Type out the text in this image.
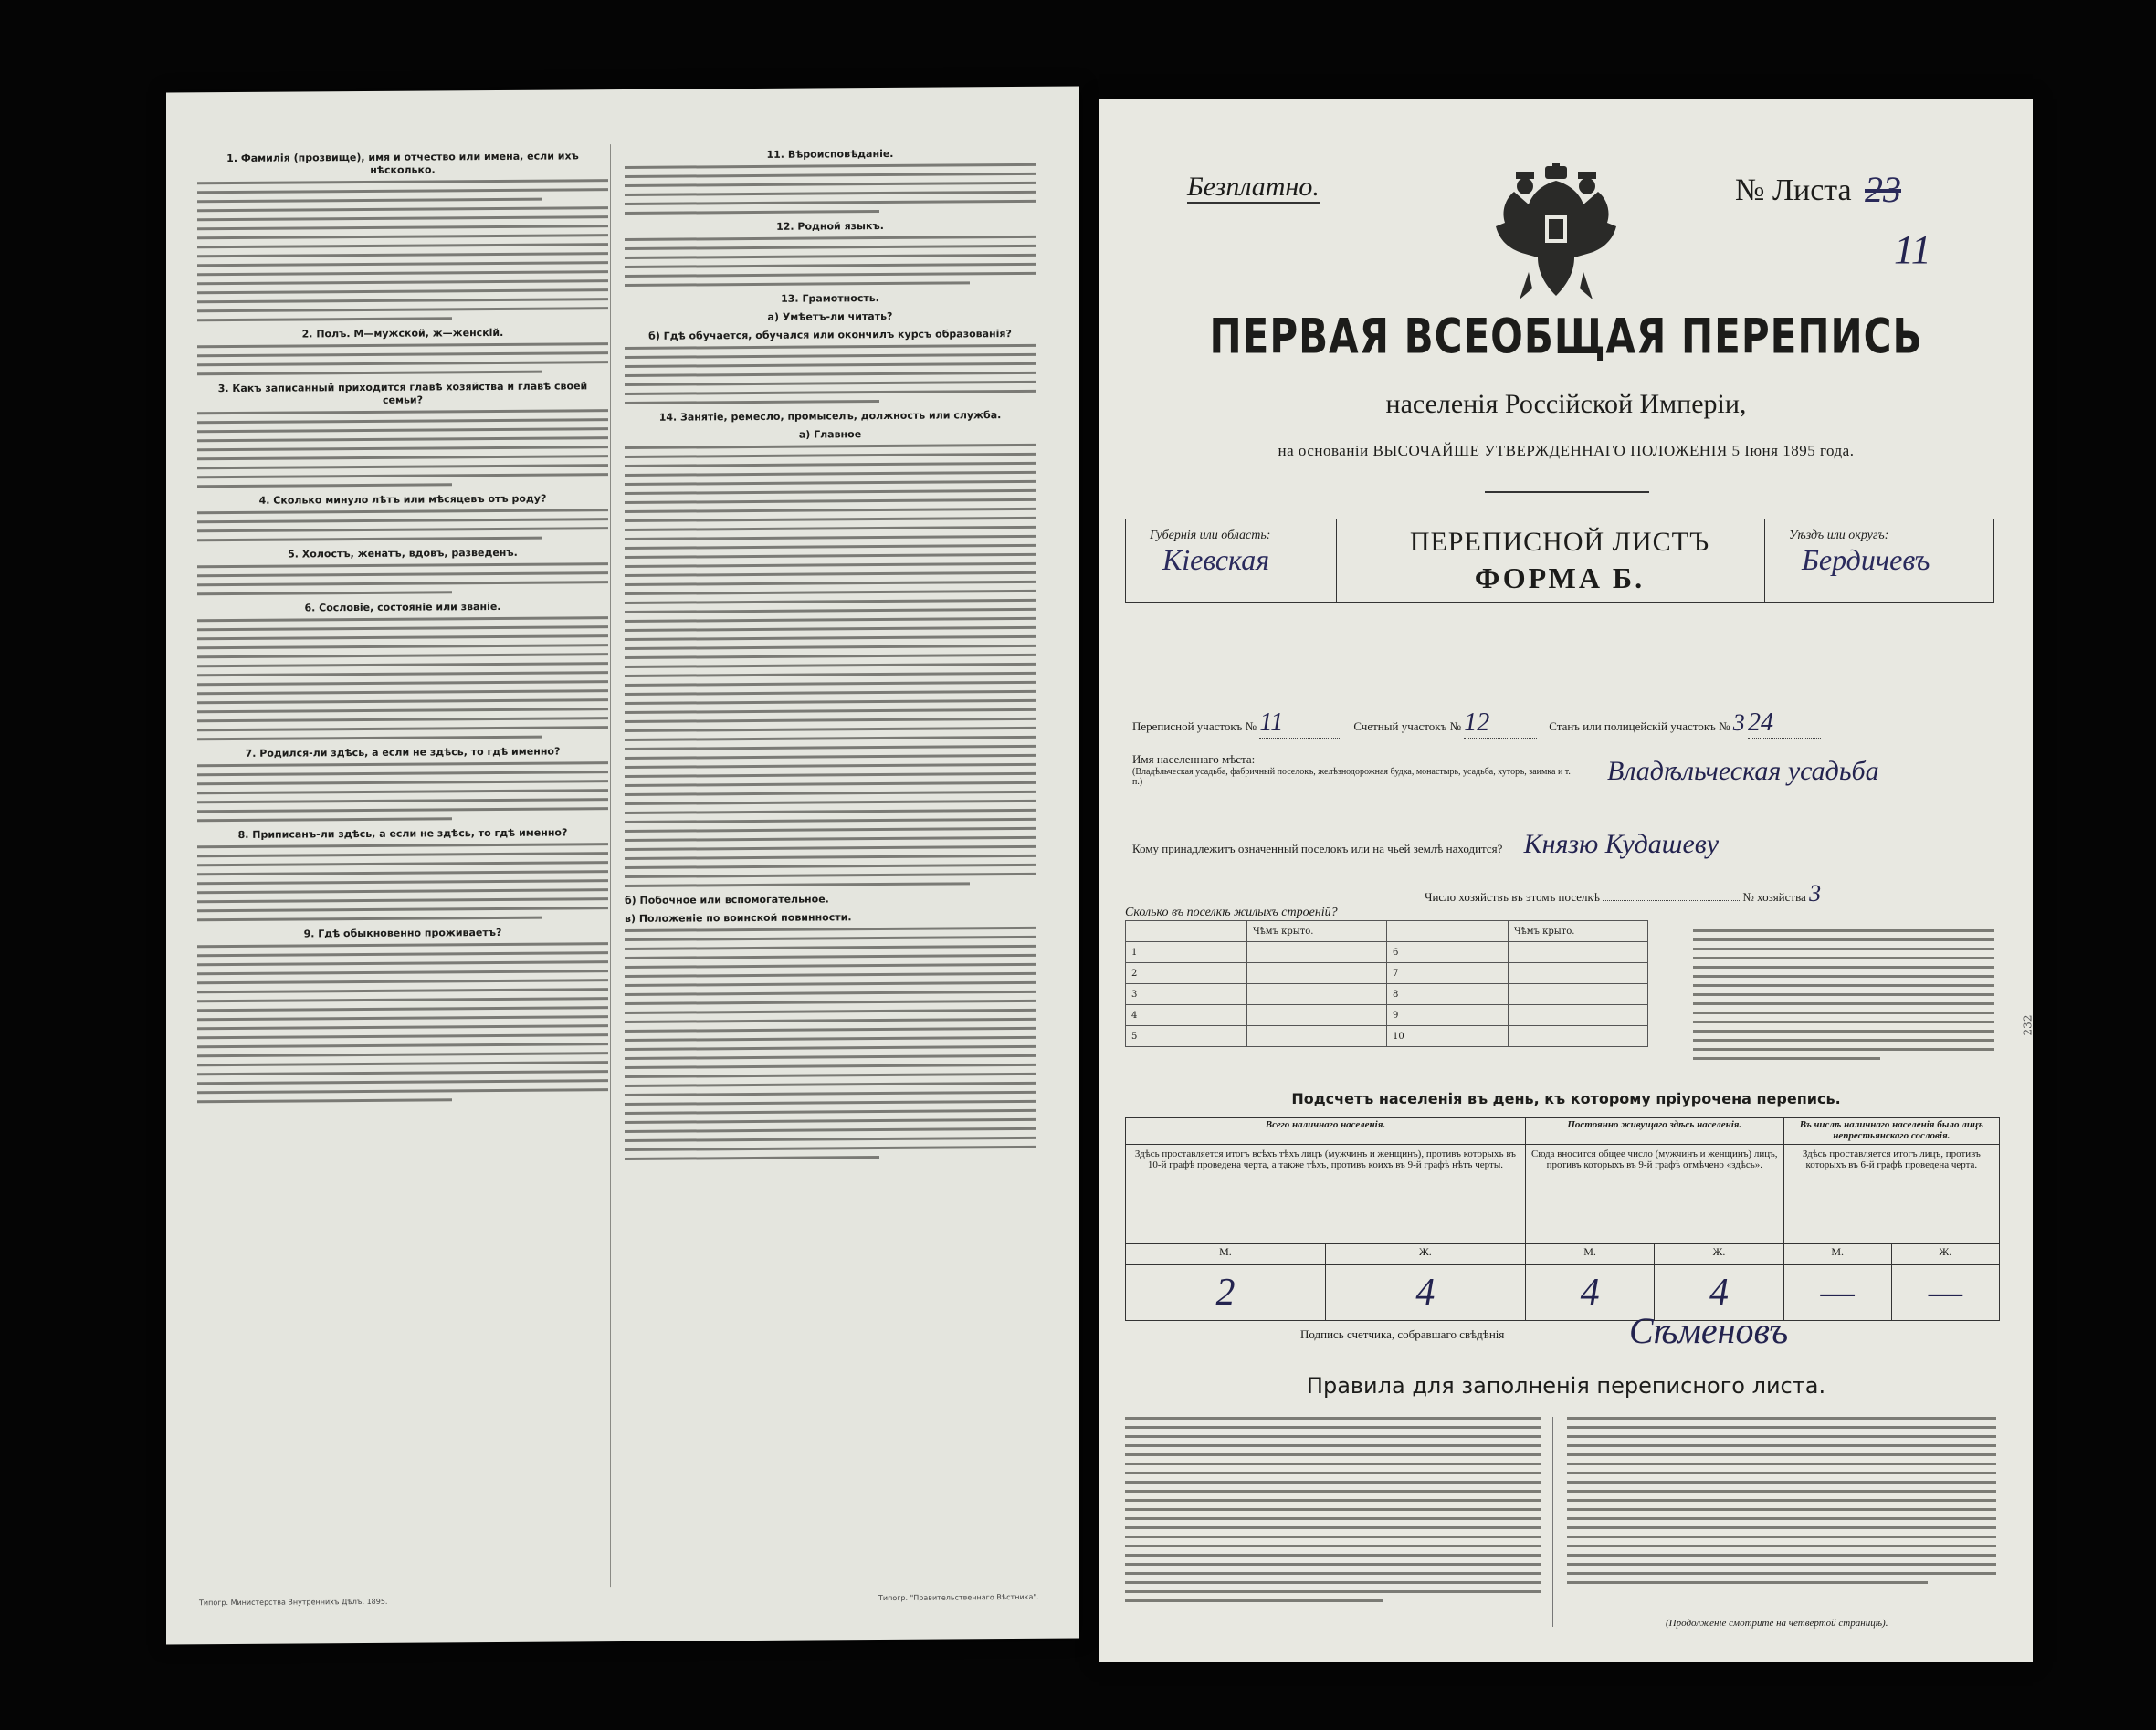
1. Фамилія (прозвище), имя и отчество или имена, если ихъ нѣсколько.
2. Полъ. М—мужской, ж—женскій.
3. Какъ записанный приходится главѣ хозяйства и главѣ своей семьи?
4. Сколько минуло лѣтъ или мѣсяцевъ отъ роду?
5. Холостъ, женатъ, вдовъ, разведенъ.
6. Сословіе, состояніе или званіе.
7. Родился-ли здѣсь, а если не здѣсь, то гдѣ именно?
8. Приписанъ-ли здѣсь, а если не здѣсь, то гдѣ именно?
9. Гдѣ обыкновенно проживаетъ?
11. Вѣроисповѣданіе.
12. Родной языкъ.
13. Грамотность.
а) Умѣетъ-ли читать?
б) Гдѣ обучается, обучался или окончилъ курсъ образованія?
14. Занятіе, ремесло, промыселъ, должность или служба.
а) Главное
б) Побочное или вспомогательное.
в) Положеніе по воинской повинности.
Типогр. Министерства Внутреннихъ Дѣлъ, 1895.	Типогр. "Правительственнаго Вѣстника".
Безплатно.	№ Листа 23
11
ПЕРВАЯ ВСЕОБЩАЯ ПЕРЕПИСЬ
населенія Россійской Имперіи,
на основаніи ВЫСОЧАЙШЕ УТВЕРЖДЕННАГО ПОЛОЖЕНІЯ 5 Іюня 1895 года.
Губернія или область:
Кіевская
ПЕРЕПИСНОЙ ЛИСТЪ
ФОРМА Б.
Уѣздъ или округъ:
Бердичевъ
Переписной участокъ № 11	Счетный участокъ № 12	Станъ или полицейскій участокъ № 3 24
Имя населеннаго мѣста:
(Владѣльческая усадьба, фабричный поселокъ, желѣзнодорожная будка, монастырь, усадьба, хуторъ, заимка и т. п.)	Владѣльческая усадьба
Кому принадлежитъ означенный поселокъ или на чьей землѣ находится? Князю Кудашеву
Число хозяйствъ въ этомъ поселкѣ	№ хозяйства 3
Сколько въ поселкѣ жилыхъ строеній?
	Чѣмъ крыто.		Чѣмъ крыто.
1		6	
2		7	
3		8	
4		9	
5		10	
232
Подсчетъ населенія въ день, къ которому пріурочена перепись.
Всего наличнаго населенія.		Постоянно живущаго здѣсь населенія.		Въ числѣ наличнаго населенія было лицъ непрестьянскаго сословія.	
Здѣсь проставляется итогъ всѣхъ тѣхъ лицъ (мужчинъ и женщинъ), противъ которыхъ въ 10-й графѣ проведена черта, а также тѣхъ, противъ коихъ въ 9-й графѣ нѣтъ черты.		Сюда вносится общее число (мужчинъ и женщинъ) лицъ, противъ которыхъ въ 9-й графѣ отмѣчено «здѣсь».		Здѣсь проставляется итогъ лицъ, противъ которыхъ въ 6-й графѣ проведена черта.	
М.	Ж.	М.	Ж.	М.	Ж.
2	4	4	4	—	—
Подпись счетчика, собравшаго свѣдѣнія	Сѣменовъ
Правила для заполненія переписного листа.
(Продолженіе смотрите на четвертой страницѣ).
